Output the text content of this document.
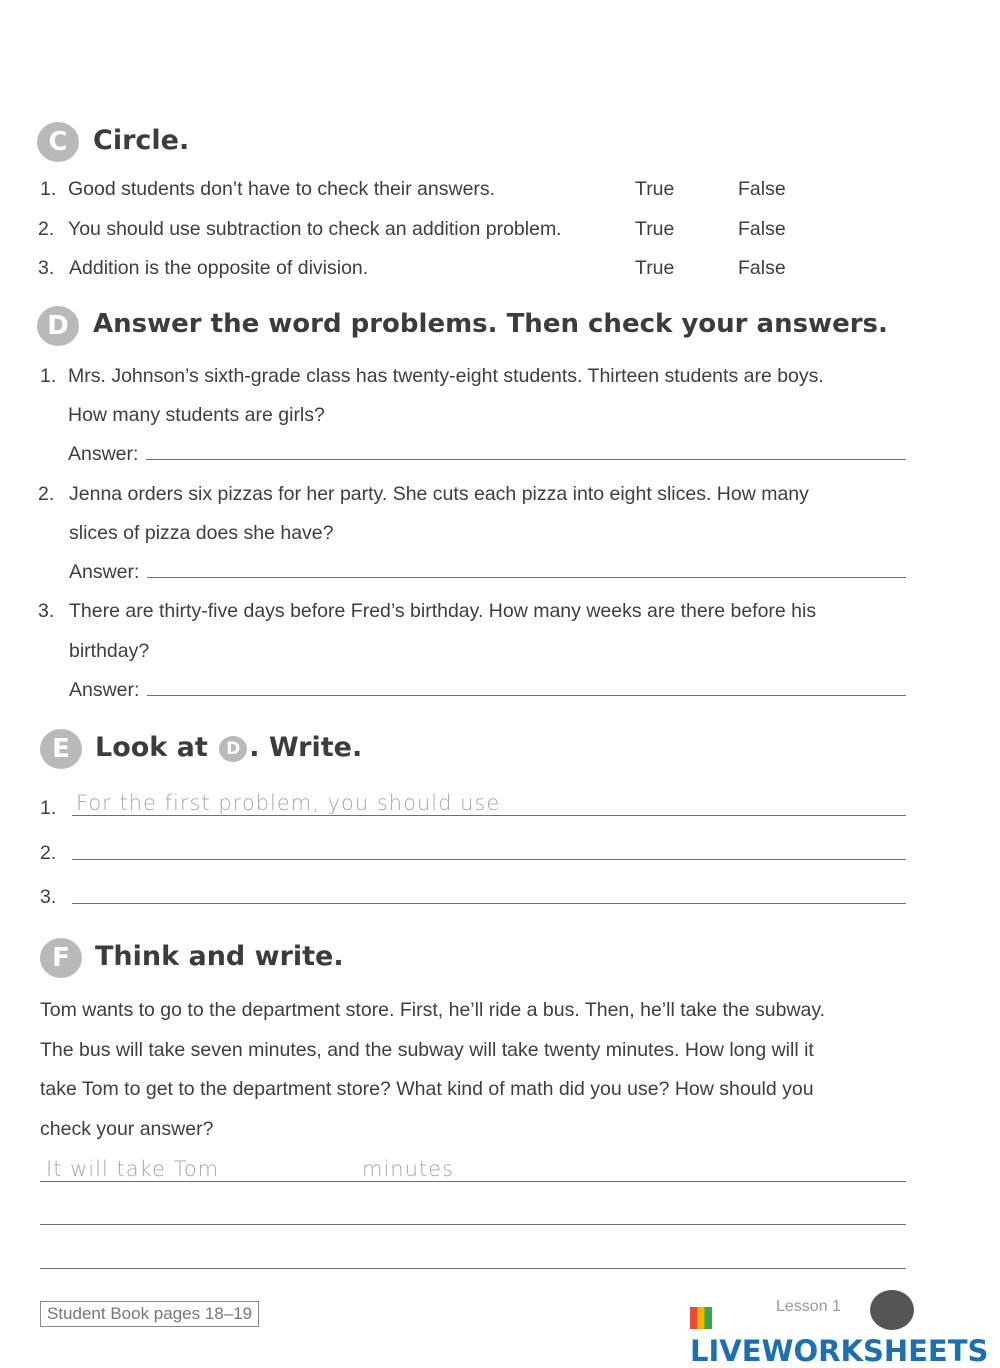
C Circle.
1. Good students don’t have to check their answers.	True	False
2. You should use subtraction to check an addition problem.	True	False
3. Addition is the opposite of division.	True	False
D Answer the word problems. Then check your answers.
1. Mrs. Johnson’s sixth-grade class has twenty-eight students. Thirteen students are boys.
How many students are girls?
Answer:
2. Jenna orders six pizzas for her party. She cuts each pizza into eight slices. How many
slices of pizza does she have?
Answer:
3. There are thirty-five days before Fred’s birthday. How many weeks are there before his
birthday?
Answer:
E Look at D . Write.
1. For the first problem, you should use
2.
3.
F Think and write.
Tom wants to go to the department store. First, he’ll ride a bus. Then, he’ll take the subway.
The bus will take seven minutes, and the subway will take twenty minutes. How long will it
take Tom to get to the department store? What kind of math did you use? How should you
check your answer?
It will take Tom	minutes
Student Book pages 18–19	Lesson 1
LIVEWORKSHEETS
